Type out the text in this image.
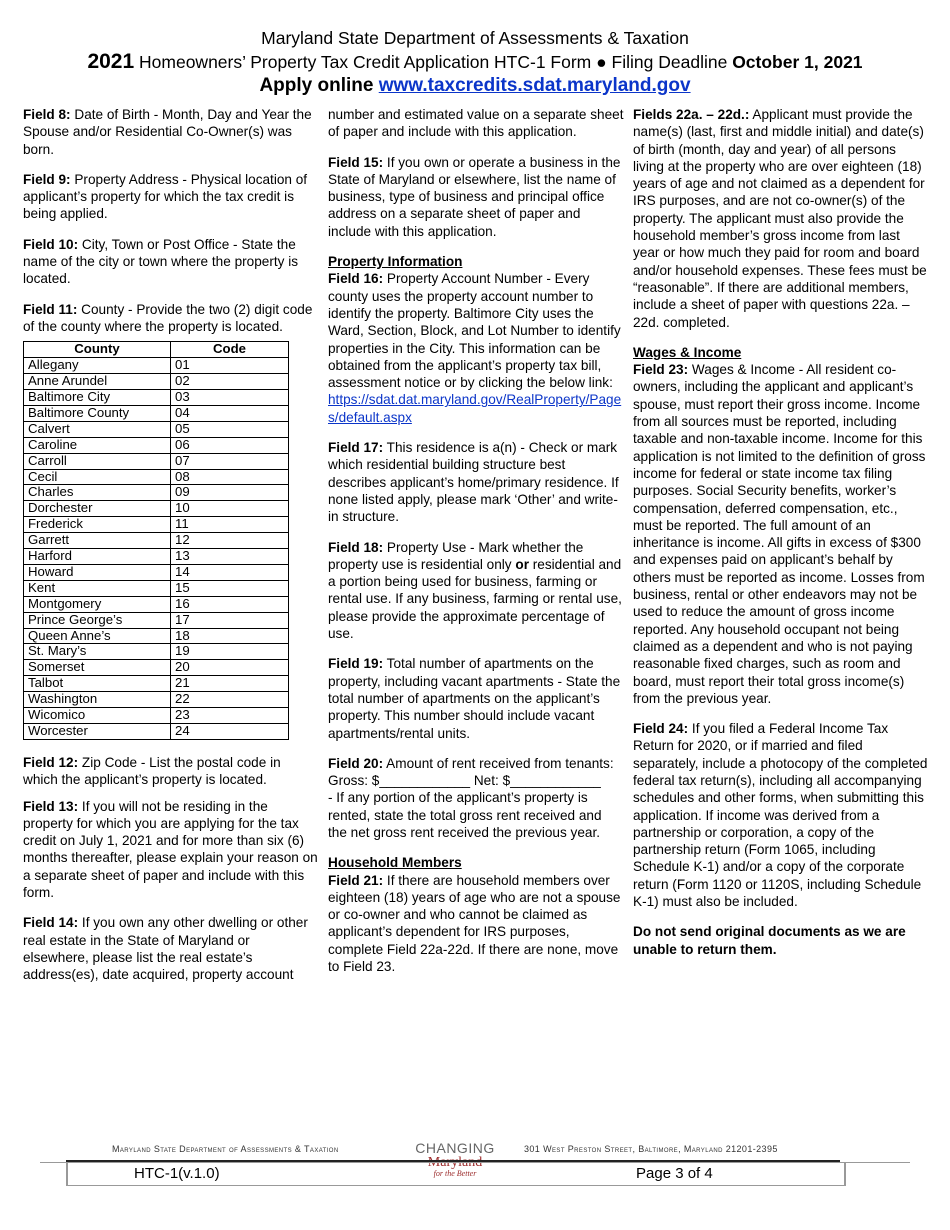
Maryland State Department of Assessments & Taxation
2021 Homeowners’ Property Tax Credit Application HTC-1 Form ● Filing Deadline October 1, 2021
Apply online www.taxcredits.sdat.maryland.gov

Field 8: Date of Birth - Month, Day and Year the Spouse and/or Residential Co-Owner(s) was born.

Field 9: Property Address - Physical location of applicant’s property for which the tax credit is being applied.

Field 10: City, Town or Post Office - State the name of the city or town where the property is located.

Field 11: County - Provide the two (2) digit code of the county where the property is located.

County	Code
Allegany	01
Anne Arundel	02
Baltimore City	03
Baltimore County	04
Calvert	05
Caroline	06
Carroll	07
Cecil	08
Charles	09
Dorchester	10
Frederick	11
Garrett	12
Harford	13
Howard	14
Kent	15
Montgomery	16
Prince George’s	17
Queen Anne’s	18
St. Mary’s	19
Somerset	20
Talbot	21
Washington	22
Wicomico	23
Worcester	24

Field 12: Zip Code - List the postal code in which the applicant’s property is located.

Field 13: If you will not be residing in the property for which you are applying for the tax credit on July 1, 2021 and for more than six (6) months thereafter, please explain your reason on a separate sheet of paper and include with this form.

Field 14: If you own any other dwelling or other real estate in the State of Maryland or elsewhere, please list the real estate’s address(es), date acquired, property account

number and estimated value on a separate sheet of paper and include with this application.

Field 15: If you own or operate a business in the State of Maryland or elsewhere, list the name of business, type of business and principal office address on a separate sheet of paper and include with this application.

Property Information
Field 16: Property Account Number - Every county uses the property account number to identify the property. Baltimore City uses the Ward, Section, Block, and Lot Number to identify properties in the City. This information can be obtained from the applicant’s property tax bill, assessment notice or by clicking the below link:
https://sdat.dat.maryland.gov/RealProperty/Pages/default.aspx

Field 17: This residence is a(n) - Check or mark which residential building structure best describes applicant’s home/primary residence. If none listed apply, please mark ‘Other’ and write-in structure.

Field 18: Property Use - Mark whether the property use is residential only or residential and a portion being used for business, farming or rental use. If any business, farming or rental use, please provide the approximate percentage of use.

Field 19: Total number of apartments on the property, including vacant apartments - State the total number of apartments on the applicant’s property. This number should include vacant apartments/rental units.

Field 20: Amount of rent received from tenants: Gross: $____________ Net: $____________
- If any portion of the applicant’s property is rented, state the total gross rent received and the net gross rent received the previous year.

Household Members
Field 21: If there are household members over eighteen (18) years of age who are not a spouse or co-owner and who cannot be claimed as applicant’s dependent for IRS purposes, complete Field 22a-22d. If there are none, move to Field 23.

Fields 22a. – 22d.: Applicant must provide the name(s) (last, first and middle initial) and date(s) of birth (month, day and year) of all persons living at the property who are over eighteen (18) years of age and not claimed as a dependent for IRS purposes, and are not co-owner(s) of the property. The applicant must also provide the household member’s gross income from last year or how much they paid for room and board and/or household expenses. These fees must be “reasonable”. If there are additional members, include a sheet of paper with questions 22a. – 22d. completed.

Wages & Income
Field 23: Wages & Income - All resident co-owners, including the applicant and applicant’s spouse, must report their gross income. Income from all sources must be reported, including taxable and non-taxable income. Income for this application is not limited to the definition of gross income for federal or state income tax filing purposes. Social Security benefits, worker’s compensation, deferred compensation, etc., must be reported. The full amount of an inheritance is income. All gifts in excess of $300 and expenses paid on applicant’s behalf by others must be reported as income. Losses from business, rental or other endeavors may not be used to reduce the amount of gross income reported. Any household occupant not being claimed as a dependent and who is not paying reasonable fixed charges, such as room and board, must report their total gross income(s) from the previous year.

Field 24: If you filed a Federal Income Tax Return for 2020, or if married and filed separately, include a photocopy of the completed federal tax return(s), including all accompanying schedules and other forms, when submitting this application. If income was derived from a partnership or corporation, a copy of the partnership return (Form 1065, including Schedule K-1) and/or a copy of the corporate return (Form 1120 or 1120S, including Schedule K-1) must also be included.

Do not send original documents as we are unable to return them.

Maryland State Department of Assessments & Taxation	301 West Preston Street, Baltimore, Maryland 21201-2395
CHANGING
for the Better
HTC-1(v.1.0)	Page 3 of 4
